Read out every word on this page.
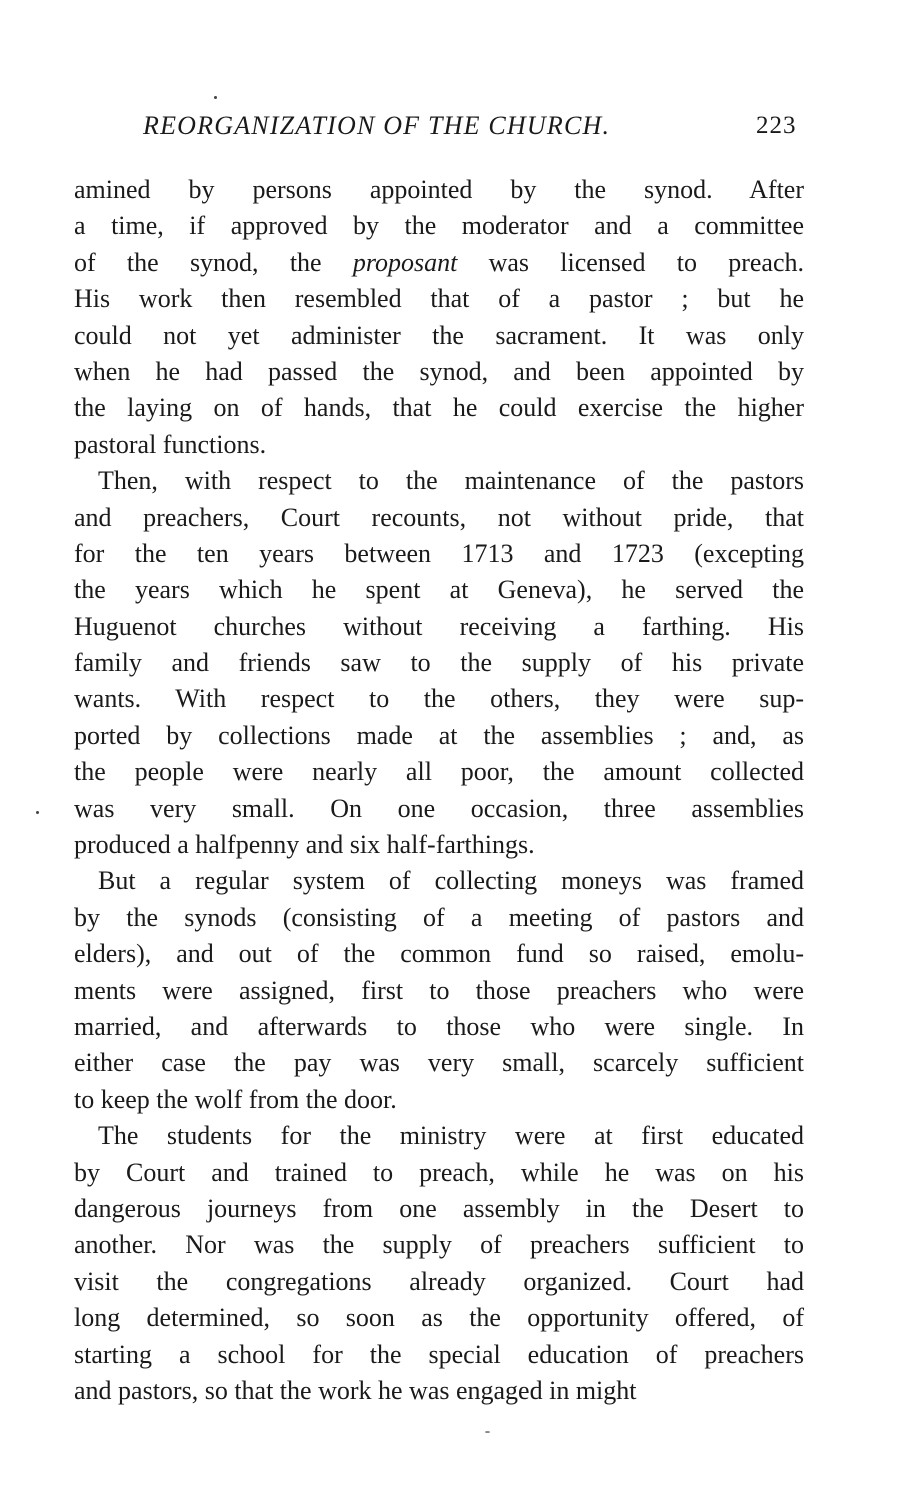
REORGANIZATION OF THE CHURCH.	223
amined by persons appointed by the synod. After
a time, if approved by the moderator and a committee
of the synod, the proposant was licensed to preach.
His work then resembled that of a pastor ; but he
could not yet administer the sacrament. It was only
when he had passed the synod, and been appointed by
the laying on of hands, that he could exercise the higher
pastoral functions.
Then, with respect to the maintenance of the pastors
and preachers, Court recounts, not without pride, that
for the ten years between 1713 and 1723 (excepting
the years which he spent at Geneva), he served the
Huguenot churches without receiving a farthing. His
family and friends saw to the supply of his private
wants. With respect to the others, they were sup-
ported by collections made at the assemblies ; and, as
the people were nearly all poor, the amount collected
was very small. On one occasion, three assemblies
produced a halfpenny and six half-farthings.
But a regular system of collecting moneys was framed
by the synods (consisting of a meeting of pastors and
elders), and out of the common fund so raised, emolu-
ments were assigned, first to those preachers who were
married, and afterwards to those who were single. In
either case the pay was very small, scarcely sufficient
to keep the wolf from the door.
The students for the ministry were at first educated
by Court and trained to preach, while he was on his
dangerous journeys from one assembly in the Desert to
another. Nor was the supply of preachers sufficient to
visit the congregations already organized. Court had
long determined, so soon as the opportunity offered, of
starting a school for the special education of preachers
and pastors, so that the work he was engaged in might
